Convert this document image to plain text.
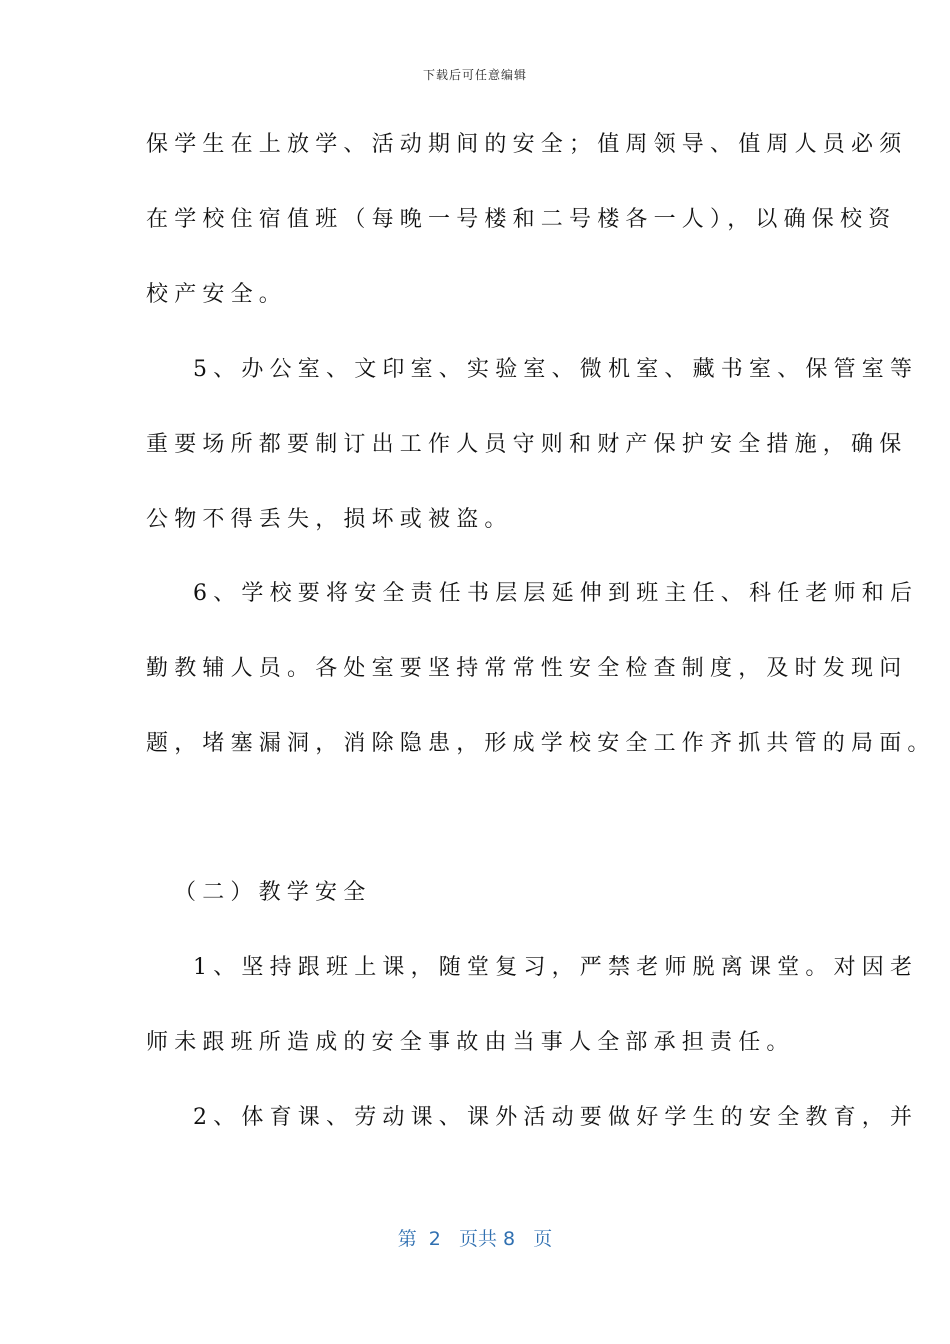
下载后可任意编辑
保学生在上放学、活动期间的安全；值周领导、值周人员必须
在学校住宿值班（每晚一号楼和二号楼各一人），以确保校资
校产安全。
5、办公室、文印室、实验室、微机室、藏书室、保管室等
重要场所都要制订出工作人员守则和财产保护安全措施，确保
公物不得丢失，损坏或被盗。
6、学校要将安全责任书层层延伸到班主任、科任老师和后
勤教辅人员。各处室要坚持常常性安全检查制度，及时发现问
题，堵塞漏洞，消除隐患，形成学校安全工作齐抓共管的局面。
（二）教学安全
1、坚持跟班上课，随堂复习，严禁老师脱离课堂。对因老
师未跟班所造成的安全事故由当事人全部承担责任。
2、体育课、劳动课、课外活动要做好学生的安全教育，并
第  2   页共 8   页
